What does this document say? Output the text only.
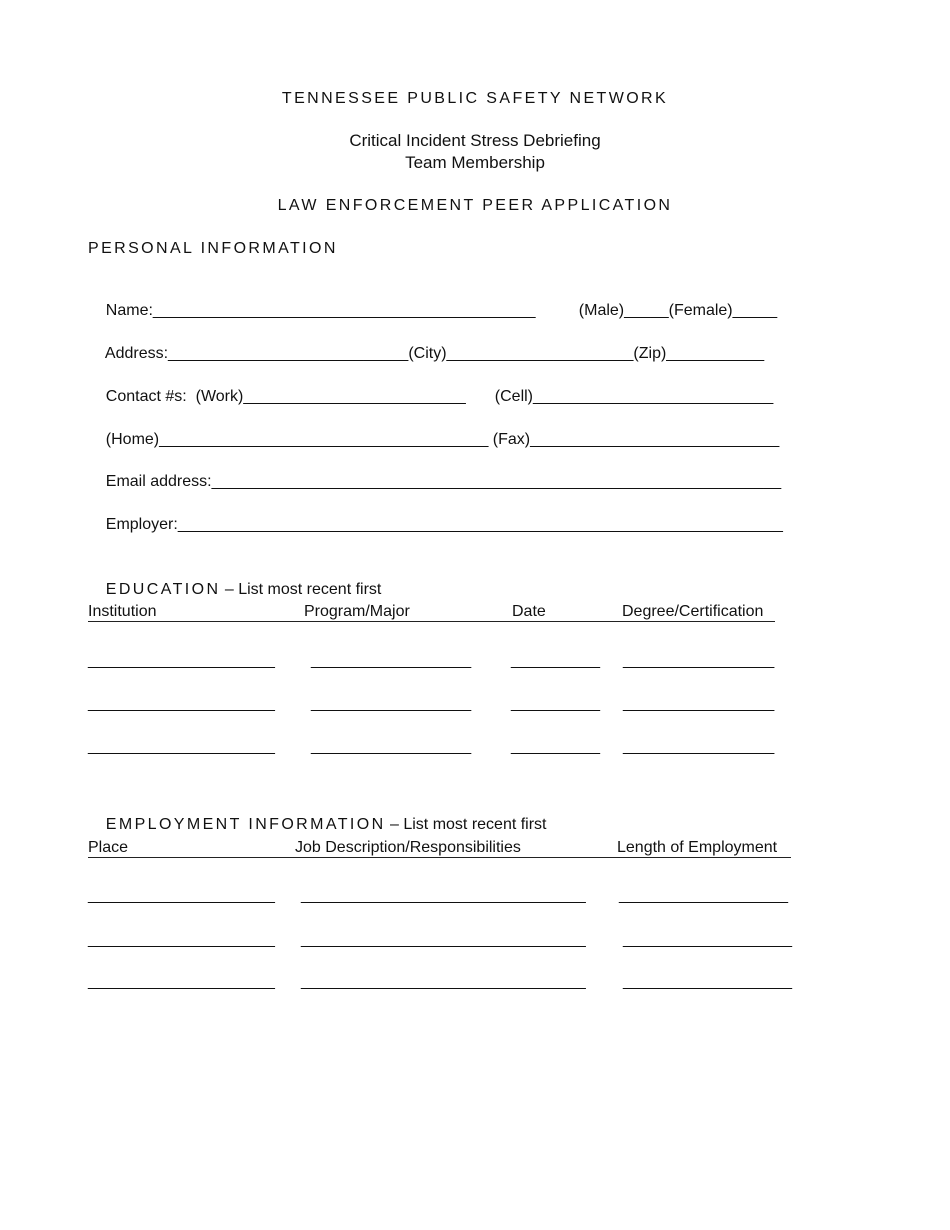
TENNESSEE PUBLIC SAFETY NETWORK
Critical Incident Stress Debriefing
Team Membership
LAW ENFORCEMENT PEER APPLICATION
PERSONAL INFORMATION

Name:___________________________________________
	(Male)_____(Female)_____

Address:___________________________(City)_____________________(Zip)___________

Contact #s: (Work)_________________________
	(Cell)___________________________

(Home)_____________________________________
(Fax)____________________________

Email address:________________________________________________________________

Employer:____________________________________________________________________

EDUCATION – List most recent first

Institution	Program/Major	Date	Degree/Certification
_____________________ __________________ __________ _________________
_____________________ __________________ __________ _________________
_____________________ __________________ __________ _________________

EMPLOYMENT INFORMATION – List most recent first

Place	Job Description/Responsibilities	Length of Employment
_____________________ ________________________________ ___________________
_____________________ ________________________________ ___________________
_____________________ ________________________________ ___________________
